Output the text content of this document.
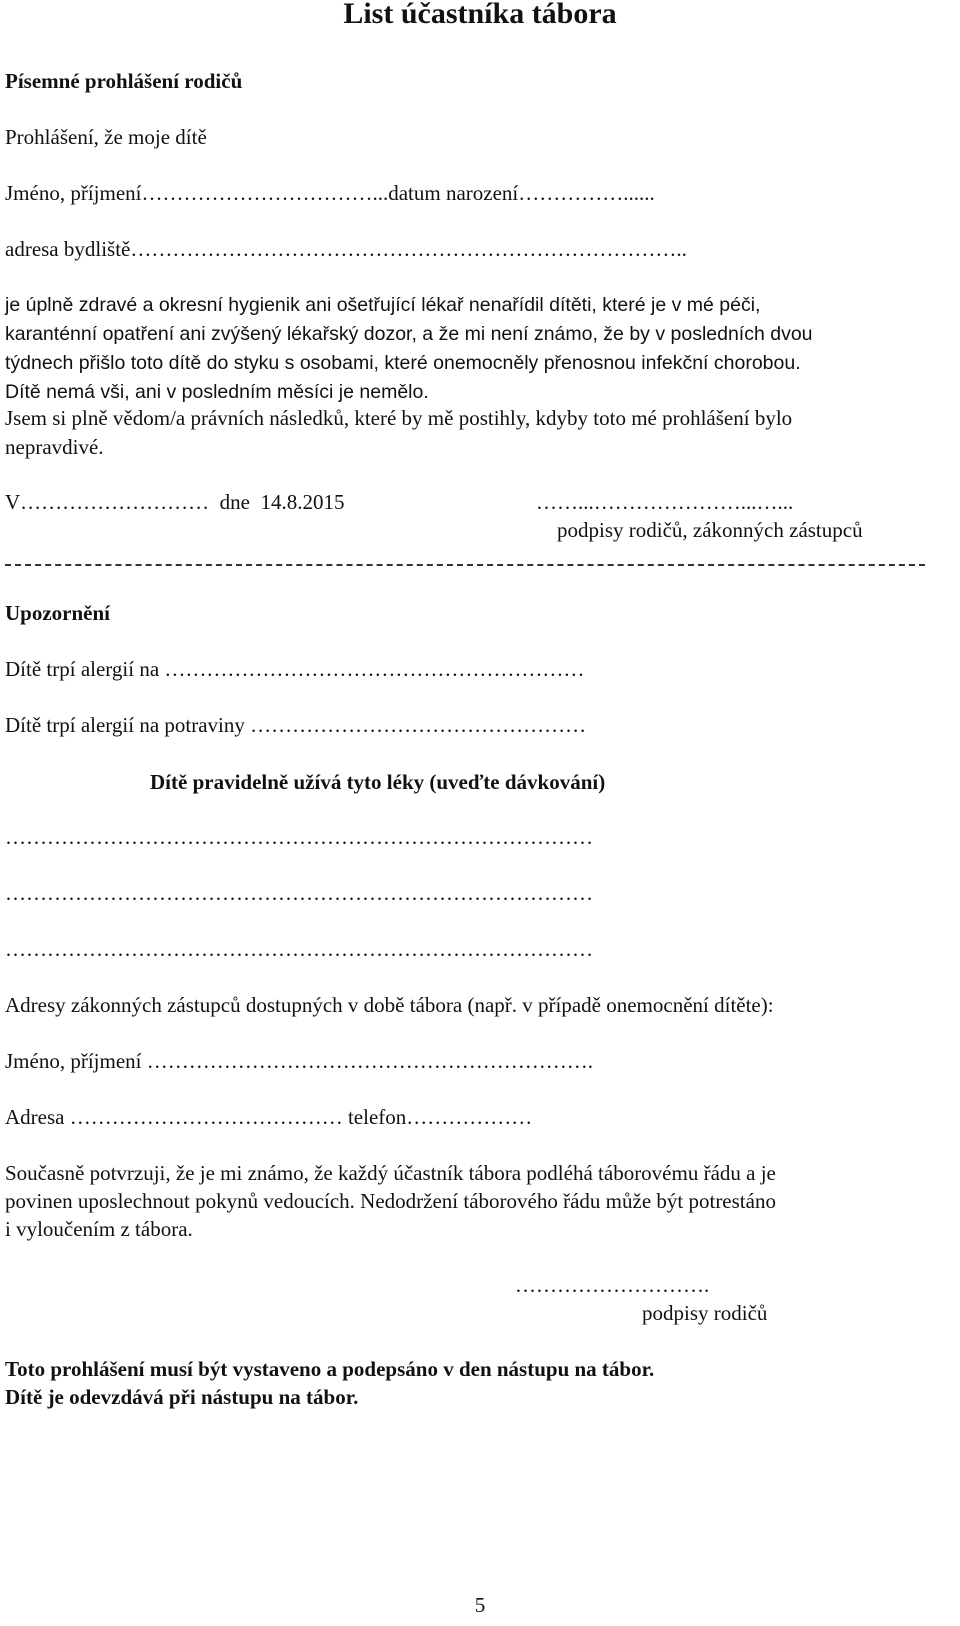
List účastníka tábora
Písemné prohlášení rodičů
Prohlášení, že moje dítě
Jméno, příjmení……………………………...datum narození……………......
adresa bydliště……………………………………………………………………..
je úplně zdravé a okresní hygienik ani ošetřující lékař nenařídil dítěti, které je v mé péči,
karanténní opatření ani zvýšený lékařský dozor, a že mi není známo, že by v posledních dvou
týdnech přišlo toto dítě do styku s osobami, které onemocněly přenosnou infekční chorobou.
Dítě nemá vši, ani v posledním měsíci je nemělo.
Jsem si plně vědom/a právních následků, které by mě postihly, kdyby toto mé prohlášení bylo
nepravdivé.
V………………………  dne  14.8.2015	……...…………………...…...
podpisy rodičů, zákonných zástupců
Upozornění
Dítě trpí alergií na ……………………………………………………
Dítě trpí alergií na potraviny …………………………………………
Dítě pravidelně užívá tyto léky (uveďte dávkování)
…………………………………………………………………………
…………………………………………………………………………
…………………………………………………………………………
Adresy zákonných zástupců dostupných v době tábora (např. v případě onemocnění dítěte):
Jméno, příjmení ……………………………………………………….
Adresa ………………………………… telefon………………
Současně potvrzuji, že je mi známo, že každý účastník tábora podléhá táborovému řádu a je
povinen uposlechnout pokynů vedoucích. Nedodržení táborového řádu může být potrestáno
i vyloučením z tábora.
……………………….
podpisy rodičů
Toto prohlášení musí být vystaveno a podepsáno v den nástupu na tábor.
Dítě je odevzdává při nástupu na tábor.
5
